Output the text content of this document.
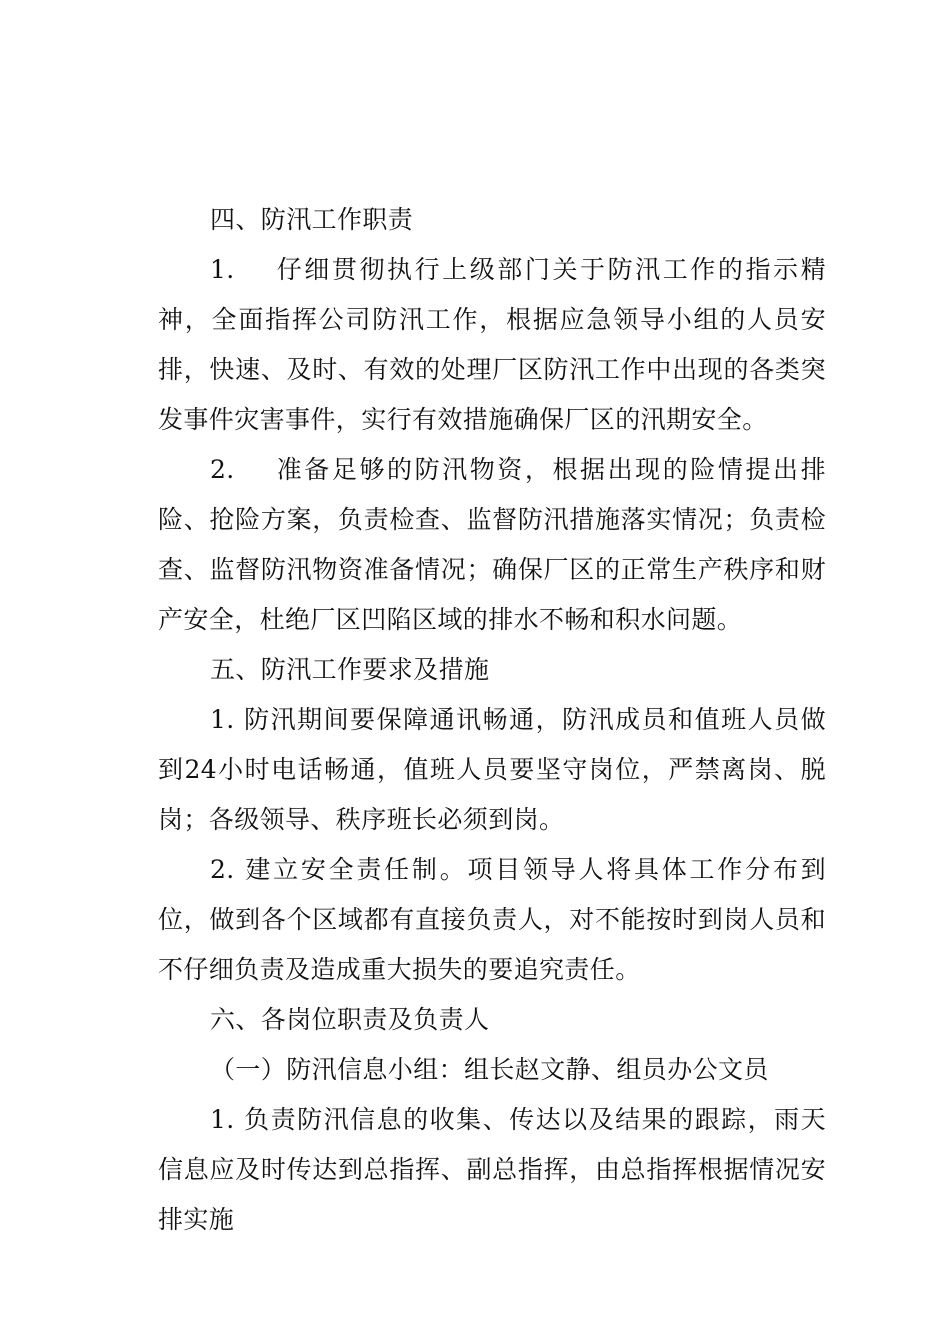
四、防汛工作职责

1.    仔细贯彻执行上级部门关于防汛工作的指示精神，全面指挥公司防汛工作，根据应急领导小组的人员安排，快速、及时、有效的处理厂区防汛工作中出现的各类突发事件灾害事件，实行有效措施确保厂区的汛期安全。

2.    准备足够的防汛物资，根据出现的险情提出排险、抢险方案，负责检查、监督防汛措施落实情况；负责检查、监督防汛物资准备情况；确保厂区的正常生产秩序和财产安全，杜绝厂区凹陷区域的排水不畅和积水问题。

五、防汛工作要求及措施

1. 防汛期间要保障通讯畅通，防汛成员和值班人员做到24小时电话畅通，值班人员要坚守岗位，严禁离岗、脱岗；各级领导、秩序班长必须到岗。

2. 建立安全责任制。项目领导人将具体工作分布到位，做到各个区域都有直接负责人，对不能按时到岗人员和不仔细负责及造成重大损失的要追究责任。

六、各岗位职责及负责人

（一）防汛信息小组：组长赵文静、组员办公文员

1. 负责防汛信息的收集、传达以及结果的跟踪，雨天信息应及时传达到总指挥、副总指挥，由总指挥根据情况安排实施
